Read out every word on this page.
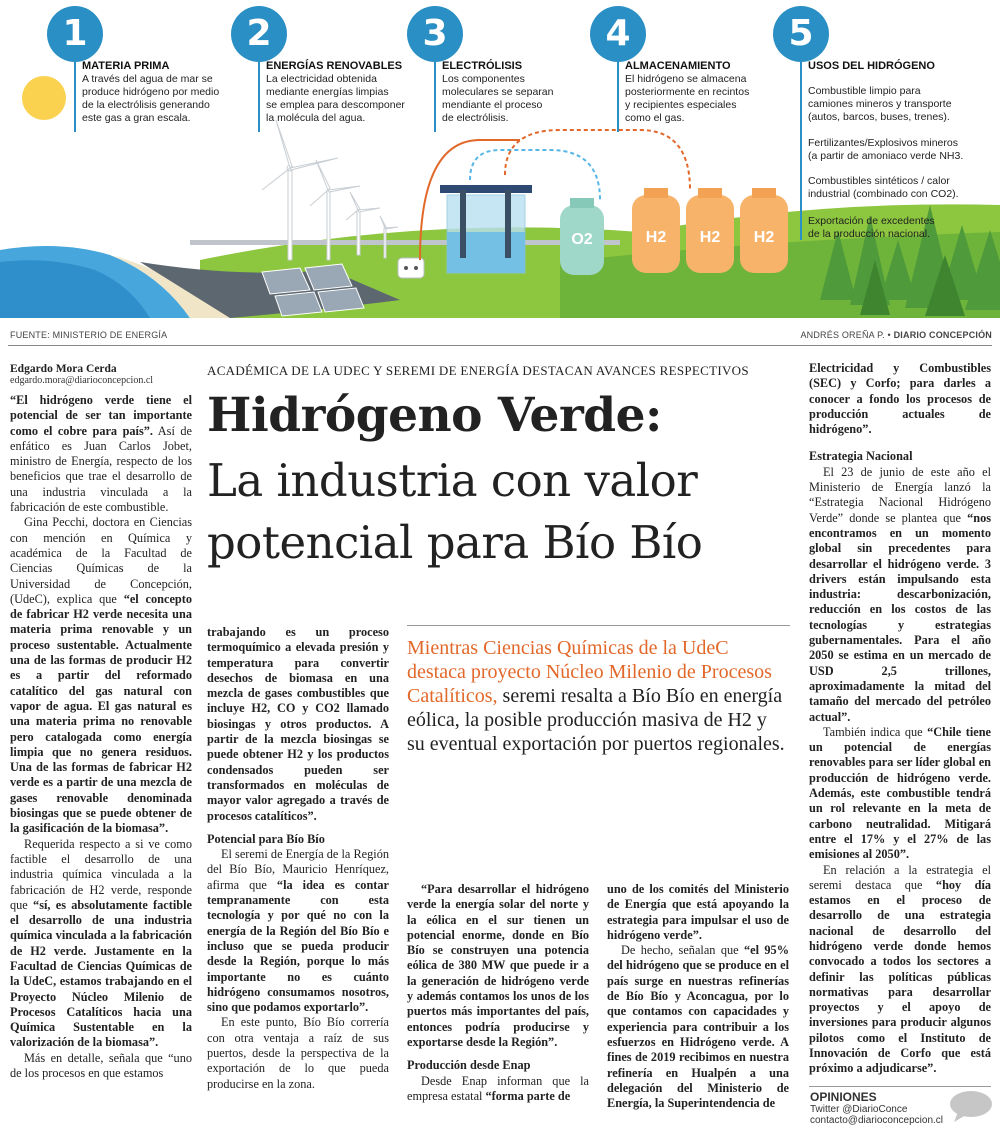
O2	H2 H2 H2
1
MATERIA PRIMA
A través del agua de mar se
produce hidrógeno por medio
de la electrólisis generando
este gas a gran escala.
2
ENERGÍAS RENOVABLES
La electricidad obtenida
mediante energías limpias
se emplea para descomponer
la molécula del agua.
3
ELECTRÓLISIS
Los componentes
moleculares se separan
mendiante el proceso
de electrólisis.
4
ALMACENAMIENTO
El hidrógeno se almacena
posteriormente en recintos
y recipientes especiales
como el gas.
5
USOS DEL HIDRÓGENO
Combustible limpio para
camiones mineros y transporte
(autos, barcos, buses, trenes).
Fertilizantes/Explosivos mineros
(a partir de amoniaco verde NH3.
Combustibles sintéticos / calor
industrial (combinado con CO2).
Exportación de excedentes
de la producción nacional.
FUENTE: MINISTERIO DE ENERGÍA	ANDRÉS OREÑA P. • DIARIO CONCEPCIÓN
Edgardo Mora Cerda
edgardo.mora@diarioconcepcion.cl
ACADÉMICA DE LA UDEC Y SEREMI DE ENERGÍA DESTACAN AVANCES RESPECTIVOS
Hidrógeno Verde:
La industria con valor
potencial para Bío Bío
Mientras Ciencias Químicas de la UdeC destaca proyecto Núcleo Milenio de Procesos Catalíticos, seremi resalta a Bío Bío en energía eólica, la posible producción masiva de H2 y su eventual exportación por puertos regionales.

“El hidrógeno verde tiene el potencial de ser tan importante como el cobre para país”. Así de enfático es Juan Carlos Jobet, ministro de Energía, respecto de los beneficios que trae el desarrollo de una industria vinculada a la fabricación de este combustible.

Gina Pecchi, doctora en Ciencias con mención en Química y académica de la Facultad de Ciencias Químicas de la Universidad de Concepción, (UdeC), explica que “el concepto de fabricar H2 verde necesita una materia prima renovable y un proceso sustentable. Actualmente una de las formas de producir H2 es a partir del reformado catalítico del gas natural con vapor de agua. El gas natural es una materia prima no renovable pero catalogada como energía limpia que no genera residuos. Una de las formas de fabricar H2 verde es a partir de una mezcla de gases renovable denominada biosingas que se puede obtener de la gasificación de la biomasa”.

Requerida respecto a si ve como factible el desarrollo de una industria química vinculada a la fabricación de H2 verde, responde que “sí, es absolutamente factible el desarrollo de una industria química vinculada a la fabricación de H2 verde. Justamente en la Facultad de Ciencias Químicas de la UdeC, estamos trabajando en el Proyecto Núcleo Milenio de Procesos Catalíticos hacia una Química Sustentable en la valorización de la biomasa”.

Más en detalle, señala que “uno de los procesos en que estamos

trabajando es un proceso termoquímico a elevada presión y temperatura para convertir desechos de biomasa en una mezcla de gases combustibles que incluye H2, CO y CO2 llamado biosingas y otros productos. A partir de la mezcla biosingas se puede obtener H2 y los productos condensados pueden ser transformados en moléculas de mayor valor agregado a través de procesos catalíticos”.

Potencial para Bío Bío

El seremi de Energía de la Región del Bío Bío, Mauricio Henríquez, afirma que “la idea es contar tempranamente con esta tecnología y por qué no con la energía de la Región del Bío Bío e incluso que se pueda producir desde la Región, porque lo más importante no es cuánto hidrógeno consumamos nosotros, sino que podamos exportarlo”.

En este punto, Bío Bío correría con otra ventaja a raíz de sus puertos, desde la perspectiva de la exportación de lo que pueda producirse en la zona.

“Para desarrollar el hidrógeno verde la energía solar del norte y la eólica en el sur tienen un potencial enorme, donde en Bío Bío se construyen una potencia eólica de 380 MW que puede ir a la generación de hidrógeno verde y además contamos los unos de los puertos más importantes del país, entonces podría producirse y exportarse desde la Región”.

Producción desde Enap

Desde Enap informan que la empresa estatal “forma parte de

uno de los comités del Ministerio de Energía que está apoyando la estrategia para impulsar el uso de hidrógeno verde”.

De hecho, señalan que “el 95% del hidrógeno que se produce en el país surge en nuestras refinerías de Bío Bío y Aconcagua, por lo que contamos con capacidades y experiencia para contribuir a los esfuerzos en Hidrógeno verde. A fines de 2019 recibimos en nuestra refinería en Hualpén a una delegación del Ministerio de Energía, la Superintendencia de

Electricidad y Combustibles (SEC) y Corfo; para darles a conocer a fondo los procesos de producción actuales de hidrógeno”.

Estrategia Nacional

El 23 de junio de este año el Ministerio de Energía lanzó la “Estrategia Nacional Hidrógeno Verde” donde se plantea que “nos encontramos en un momento global sin precedentes para desarrollar el hidrógeno verde. 3 drivers están impulsando esta industria: descarbonización, reducción en los costos de las tecnologías y estrategias gubernamentales. Para el año 2050 se estima en un mercado de USD 2,5 trillones, aproximadamente la mitad del tamaño del mercado del petróleo actual”.

También indica que “Chile tiene un potencial de energías renovables para ser líder global en producción de hidrógeno verde. Además, este combustible tendrá un rol relevante en la meta de carbono neutralidad. Mitigará entre el 17% y el 27% de las emisiones al 2050”.

En relación a la estrategia el seremi destaca que “hoy día estamos en el proceso de desarrollo de una estrategia nacional de desarrollo del hidrógeno verde donde hemos convocado a todos los sectores a definir las políticas públicas normativas para desarrollar proyectos y el apoyo de inversiones para producir algunos pilotos como el Instituto de Innovación de Corfo que está próximo a adjudicarse”.

OPINIONES
Twitter @DiarioConce
contacto@diarioconcepcion.cl
